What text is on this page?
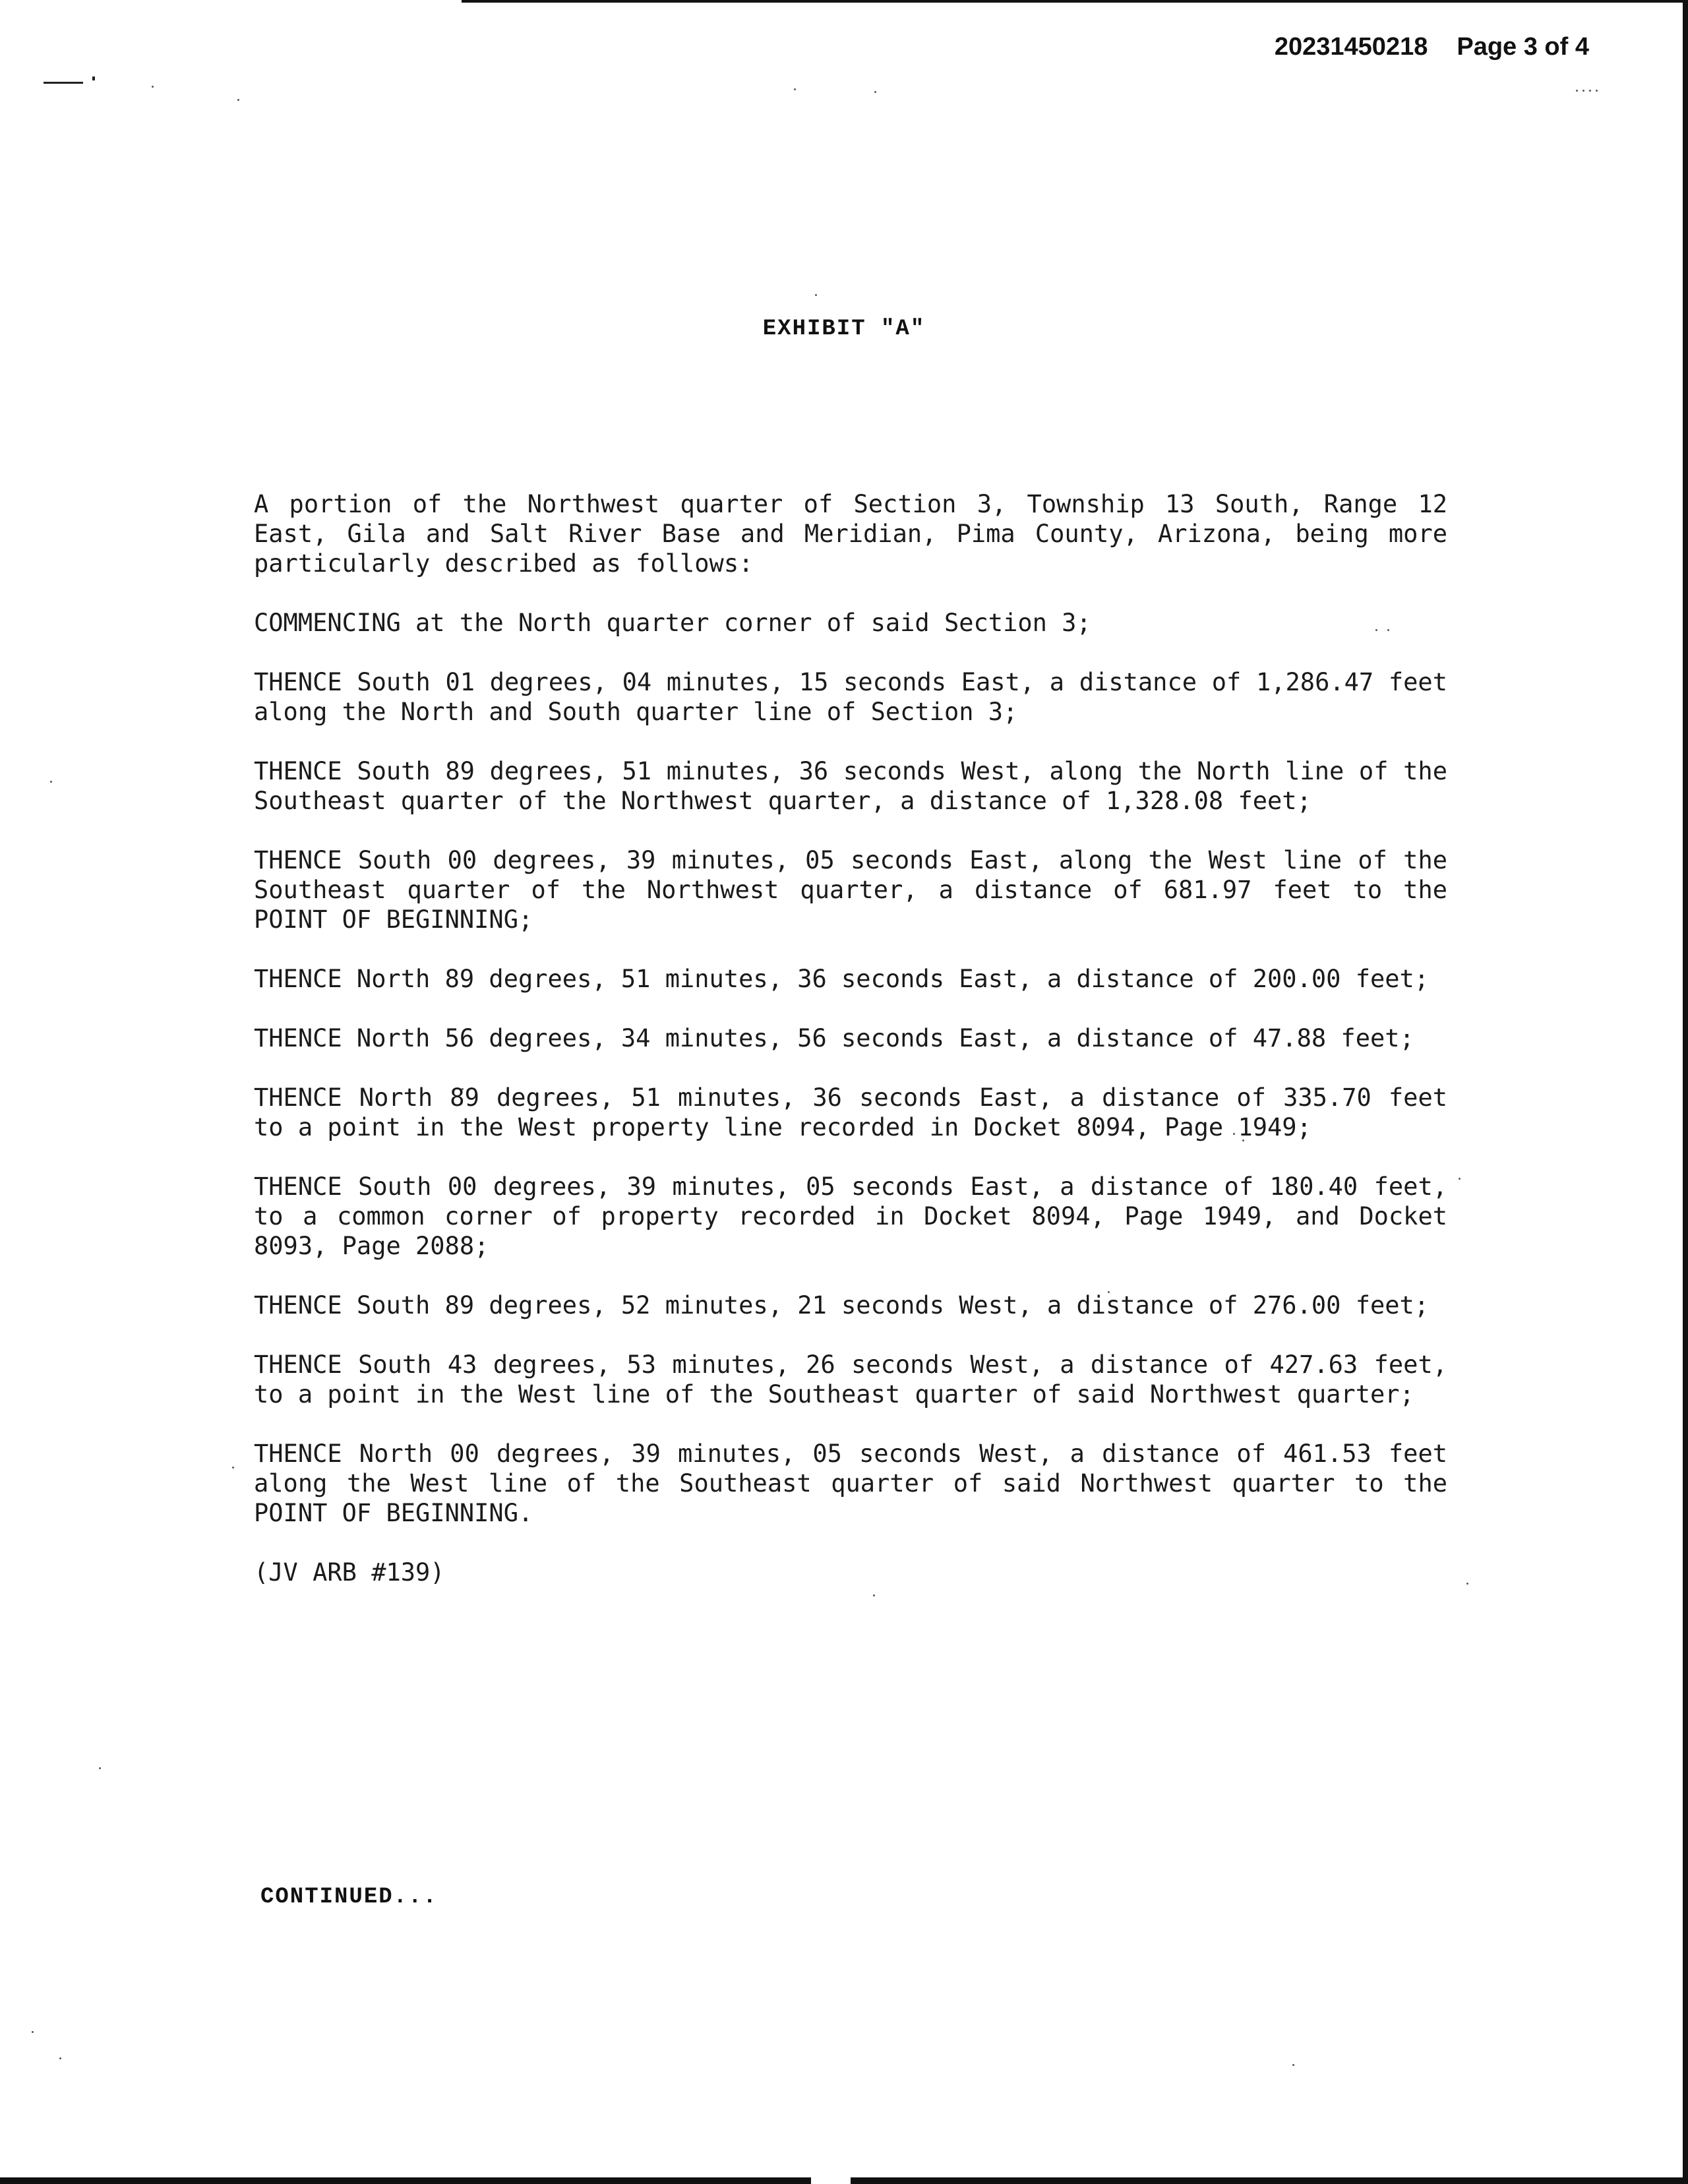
20231450218 Page 3 of 4
EXHIBIT "A"

A portion of the Northwest quarter of Section 3, Township 13 South, Range 12 East, Gila and Salt River Base and Meridian, Pima County, Arizona, being more particularly described as follows:

COMMENCING at the North quarter corner of said Section 3;

THENCE South 01 degrees, 04 minutes, 15 seconds East, a distance of 1,286.47 feet along the North and South quarter line of Section 3;

THENCE South 89 degrees, 51 minutes, 36 seconds West, along the North line of the Southeast quarter of the Northwest quarter, a distance of 1,328.08 feet;

THENCE South 00 degrees, 39 minutes, 05 seconds East, along the West line of the Southeast quarter of the Northwest quarter, a distance of 681.97 feet to the POINT OF BEGINNING;

THENCE North 89 degrees, 51 minutes, 36 seconds East, a distance of 200.00 feet;

THENCE North 56 degrees, 34 minutes, 56 seconds East, a distance of 47.88 feet;

THENCE North 89 degrees, 51 minutes, 36 seconds East, a distance of 335.70 feet to a point in the West property line recorded in Docket 8094, Page 1949;

THENCE South 00 degrees, 39 minutes, 05 seconds East, a distance of 180.40 feet, to a common corner of property recorded in Docket 8094, Page 1949, and Docket 8093, Page 2088;

THENCE South 89 degrees, 52 minutes, 21 seconds West, a distance of 276.00 feet;

THENCE South 43 degrees, 53 minutes, 26 seconds West, a distance of 427.63 feet, to a point in the West line of the Southeast quarter of said Northwest quarter;

THENCE North 00 degrees, 39 minutes, 05 seconds West, a distance of 461.53 feet along the West line of the Southeast quarter of said Northwest quarter to the POINT OF BEGINNING.

(JV ARB #139)
CONTINUED...
